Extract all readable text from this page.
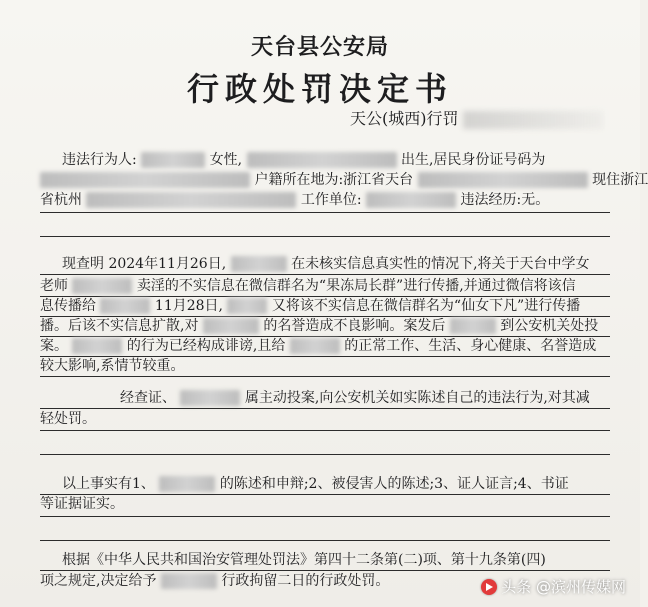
天台县公安局
行政处罚决定书
天公(城西)行罚
违法行为人:	女性,	出生,居民身份证号码为
户籍所在地为:浙江省天台	现住浙江
省杭州	工作单位:	违法经历:无。
现查明 2024年11月26日,	在未核实信息真实性的情况下,将关于天台中学女
老师	卖淫的不实信息在微信群名为“果冻局长群”进行传播,并通过微信将该信
息传播给	11月28日,	又将该不实信息在微信群名为“仙女下凡”进行传播
播。后该不实信息扩散,对	的名誉造成不良影响。案发后	到公安机关处投
案。	的行为已经构成诽谤,且给	的正常工作、生活、身心健康、名誉造成
较大影响,系情节较重。
经查证、	属主动投案,向公安机关如实陈述自己的违法行为,对其减
轻处罚。
以上事实有1、	的陈述和申辩;2、被侵害人的陈述;3、证人证言;4、书证
等证据证实。
根据《中华人民共和国治安管理处罚法》第四十二条第(二)项、第十九条第(四)
项之规定,决定给予	行政拘留二日的行政处罚。	头条 @滨州传媒网
